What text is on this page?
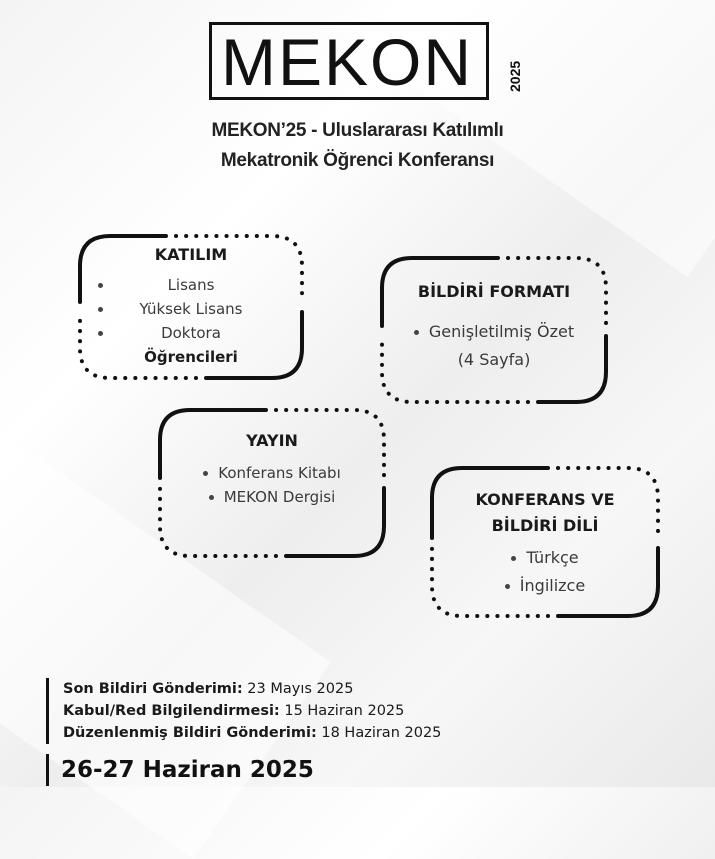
MEKON 2025
MEKON’25 - Uluslararası Katılımlı
Mekatronik Öğrenci Konferansı
KATILIM
Lisans
Yüksek Lisans
Doktora
Öğrencileri
BİLDİRİ FORMATI
Genişletilmiş Özet
(4 Sayfa)
YAYIN
Konferans Kitabı
MEKON Dergisi	KONFERANS VE
BİLDİRİ DİLİ
Türkçe
İngilizce
Son Bildiri Gönderimi: 23 Mayıs 2025
Kabul/Red Bilgilendirmesi: 15 Haziran 2025
Düzenlenmiş Bildiri Gönderimi: 18 Haziran 2025
26-27 Haziran 2025
